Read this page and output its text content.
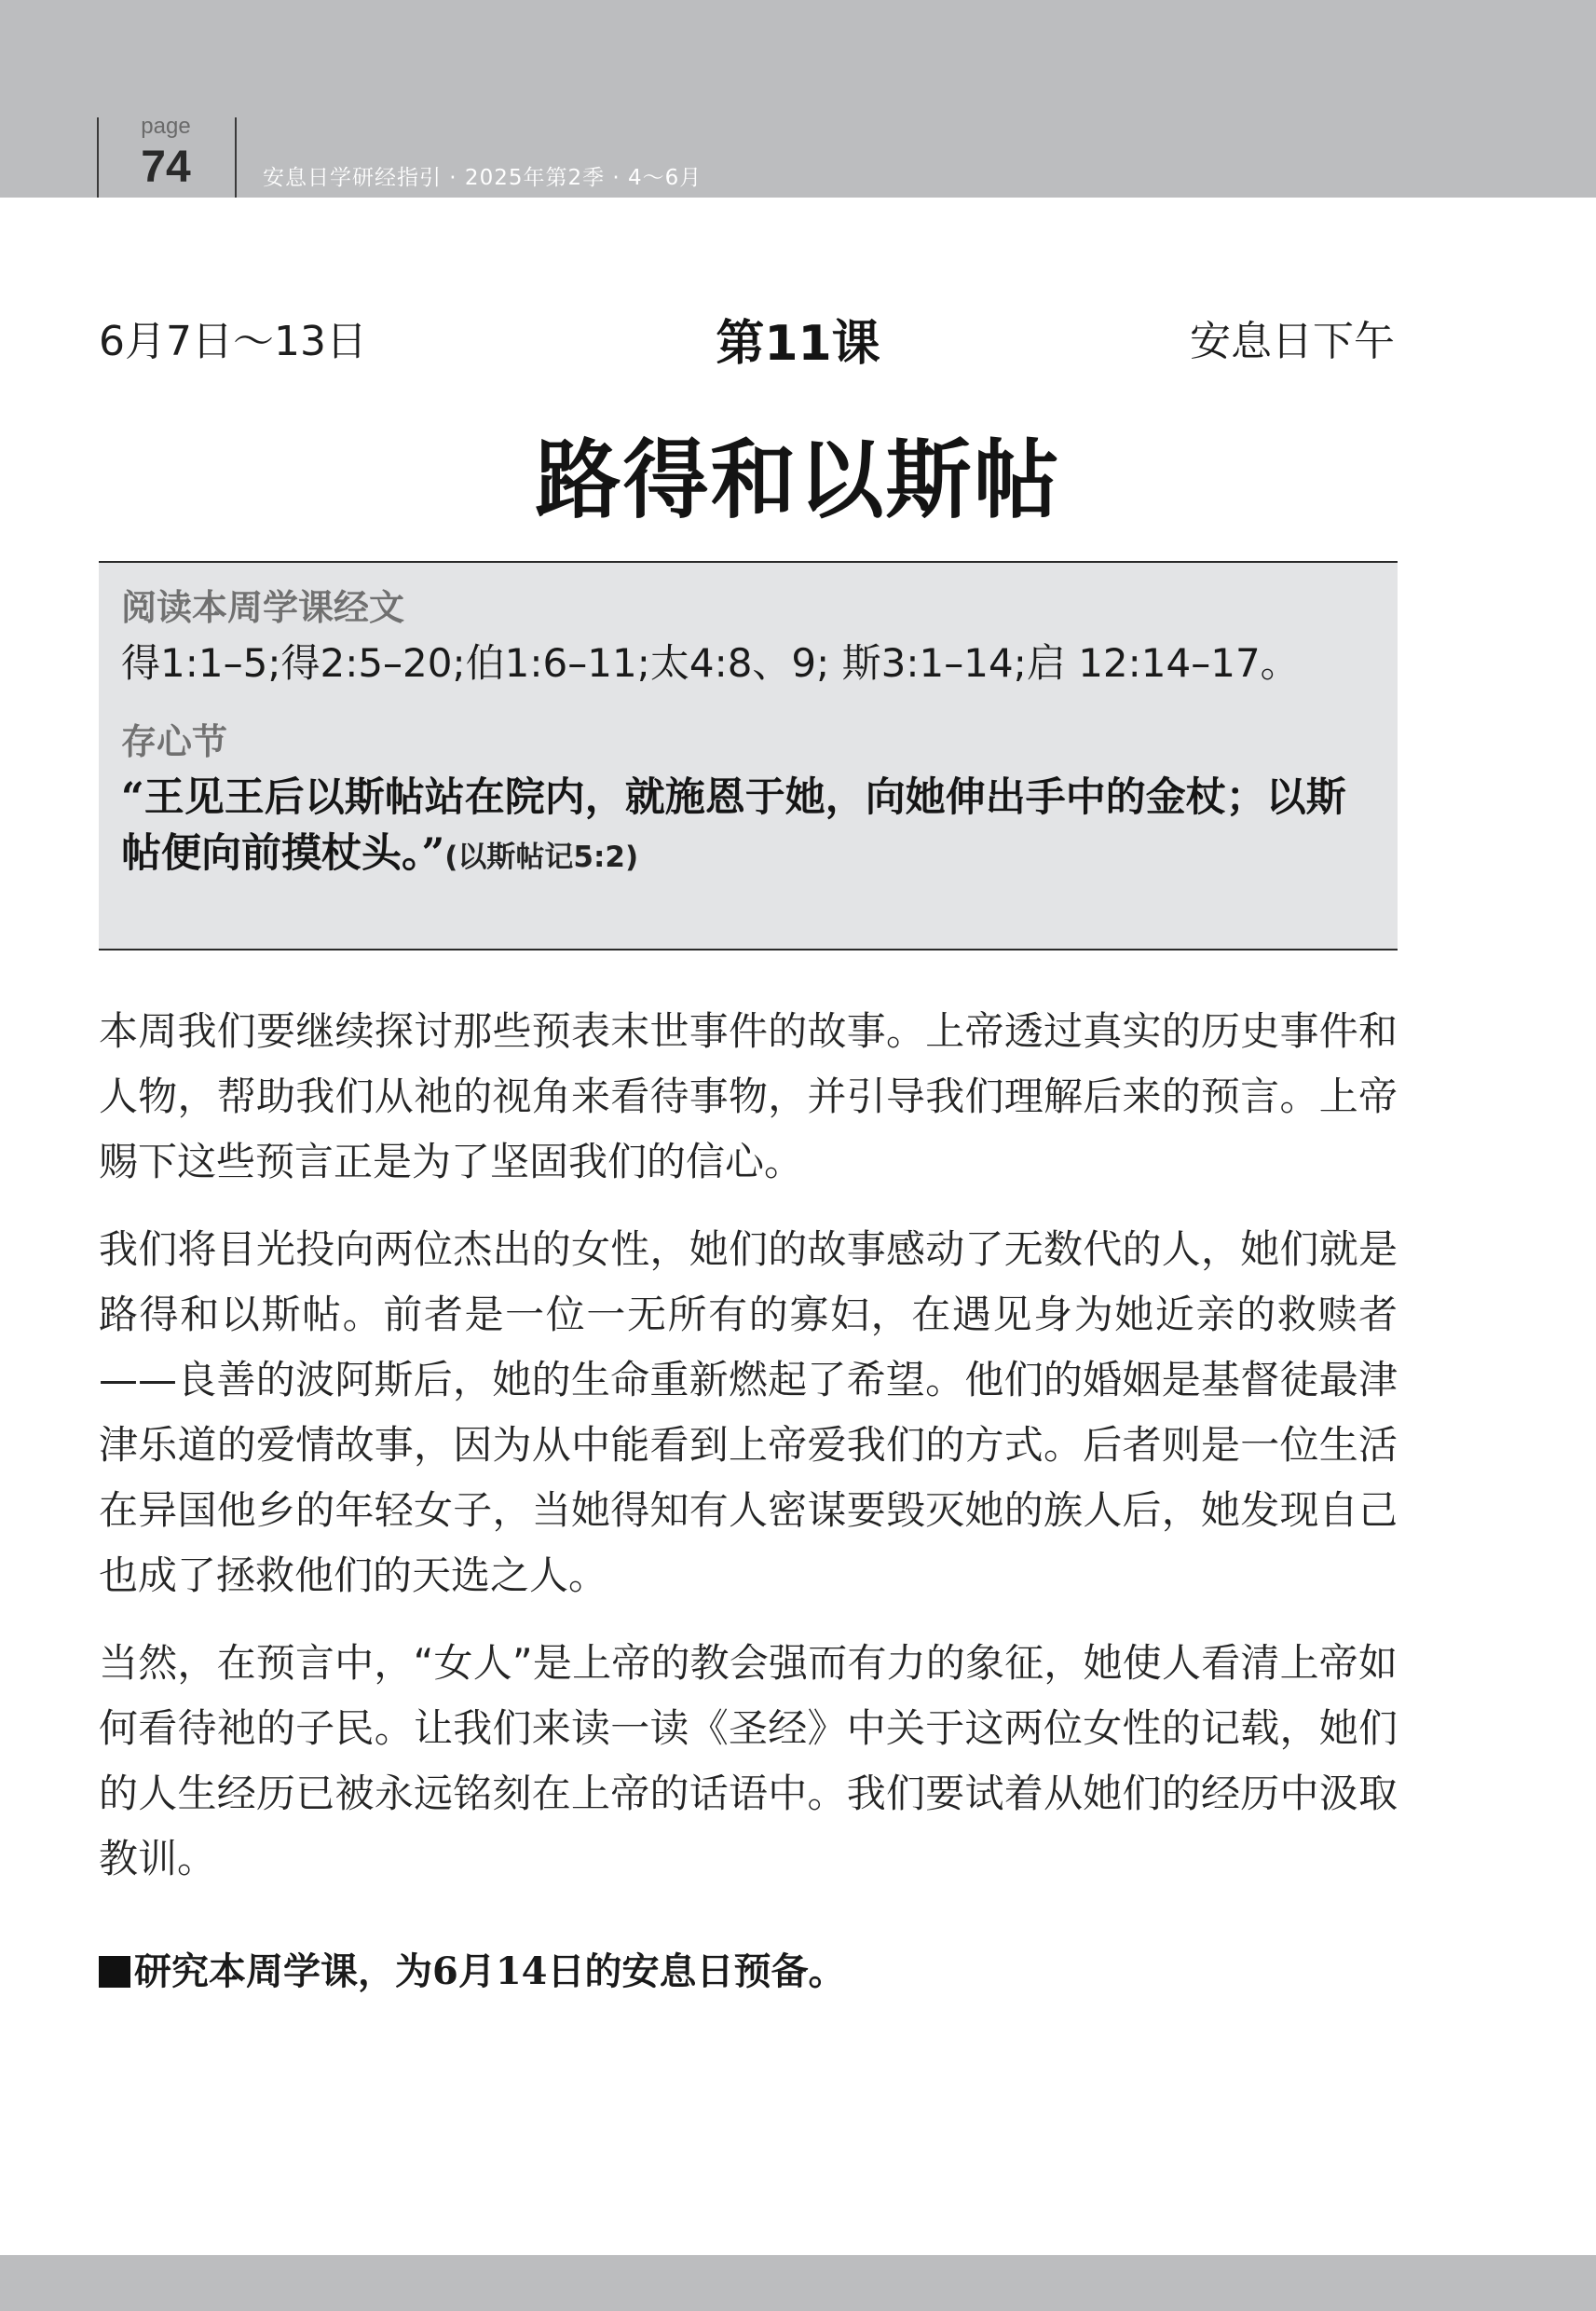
page
74	安息日学研经指引 · 2025年第2季 · 4～6月
6月7日～13日	第11课	安息日下午
路得和以斯帖

阅读本周学课经文

得1:1–5;得2:5–20;伯1:6–11;太4:8、9; 斯3:1–14;启 12:14–17。

存心节

“王见王后以斯帖站在院内，就施恩于她，向她伸出手中的金杖；以斯帖便向前摸杖头。”(以斯帖记5:2)

本周我们要继续探讨那些预表末世事件的故事。上帝透过真实的历史事件和人物，帮助我们从祂的视角来看待事物，并引导我们理解后来的预言。上帝赐下这些预言正是为了坚固我们的信心。

我们将目光投向两位杰出的女性，她们的故事感动了无数代的人，她们就是路得和以斯帖。前者是一位一无所有的寡妇，在遇见身为她近亲的救赎者——良善的波阿斯后，她的生命重新燃起了希望。他们的婚姻是基督徒最津津乐道的爱情故事，因为从中能看到上帝爱我们的方式。后者则是一位生活在异国他乡的年轻女子，当她得知有人密谋要毁灭她的族人后，她发现自己也成了拯救他们的天选之人。

当然，在预言中，“女人”是上帝的教会强而有力的象征，她使人看清上帝如何看待祂的子民。让我们来读一读《圣经》中关于这两位女性的记载，她们的人生经历已被永远铭刻在上帝的话语中。我们要试着从她们的经历中汲取教训。

研究本周学课，为6月14日的安息日预备。
